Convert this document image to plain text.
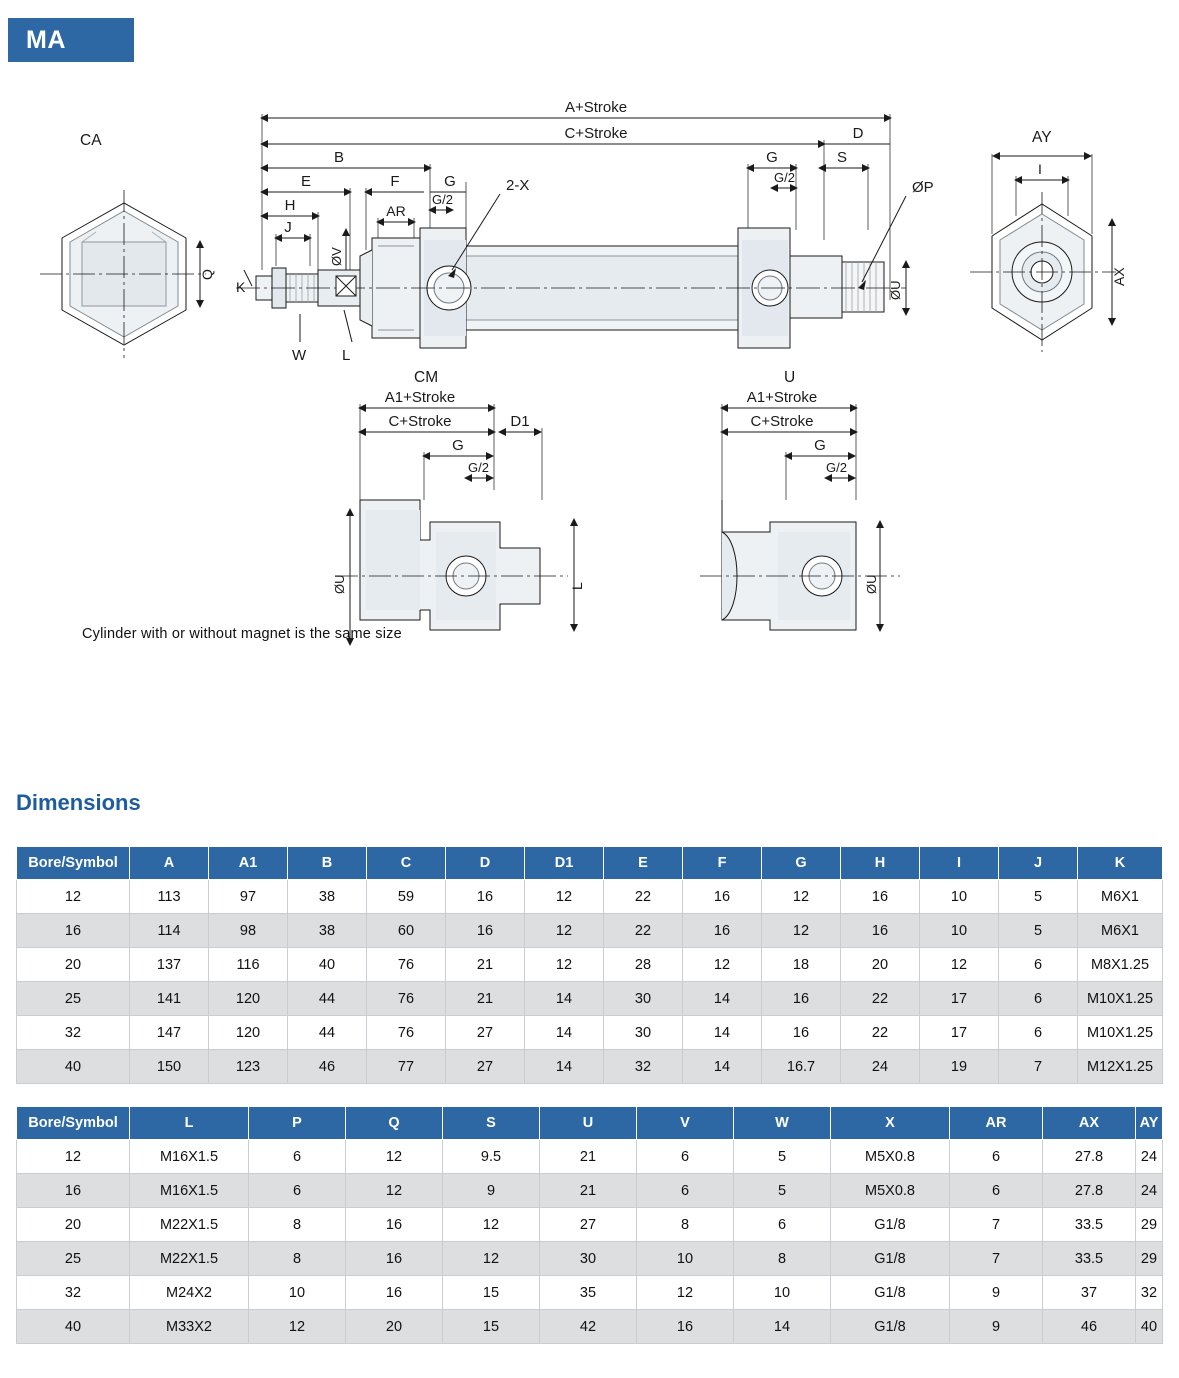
MA
CA
Q
A+Stroke
C+Stroke	D
B
E	F	G
G/2
H
J
AR
G
G/2
S
K
ØV
W L
2-X	ØP
ØU
AY
I
AX
CM
A1+Stroke
C+Stroke	D1
G
G/2
ØU	L
U
A1+Stroke
C+Stroke
G
G/2
ØU
Cylinder with or without magnet is the same size
Dimensions
Bore/Symbol	A	A1	B	C	D	D1	E	F	G	H	I	J	K
12	113	97	38	59	16	12	22	16	12	16	10	5	M6X1
16	114	98	38	60	16	12	22	16	12	16	10	5	M6X1
20	137	116	40	76	21	12	28	12	18	20	12	6	M8X1.25
25	141	120	44	76	21	14	30	14	16	22	17	6	M10X1.25
32	147	120	44	76	27	14	30	14	16	22	17	6	M10X1.25
40	150	123	46	77	27	14	32	14	16.7	24	19	7	M12X1.25
Bore/Symbol	L	P	Q	S	U	V	W	X	AR	AX	AY
12	M16X1.5	6	12	9.5	21	6	5	M5X0.8	6	27.8	24
16	M16X1.5	6	12	9	21	6	5	M5X0.8	6	27.8	24
20	M22X1.5	8	16	12	27	8	6	G1/8	7	33.5	29
25	M22X1.5	8	16	12	30	10	8	G1/8	7	33.5	29
32	M24X2	10	16	15	35	12	10	G1/8	9	37	32
40	M33X2	12	20	15	42	16	14	G1/8	9	46	40
